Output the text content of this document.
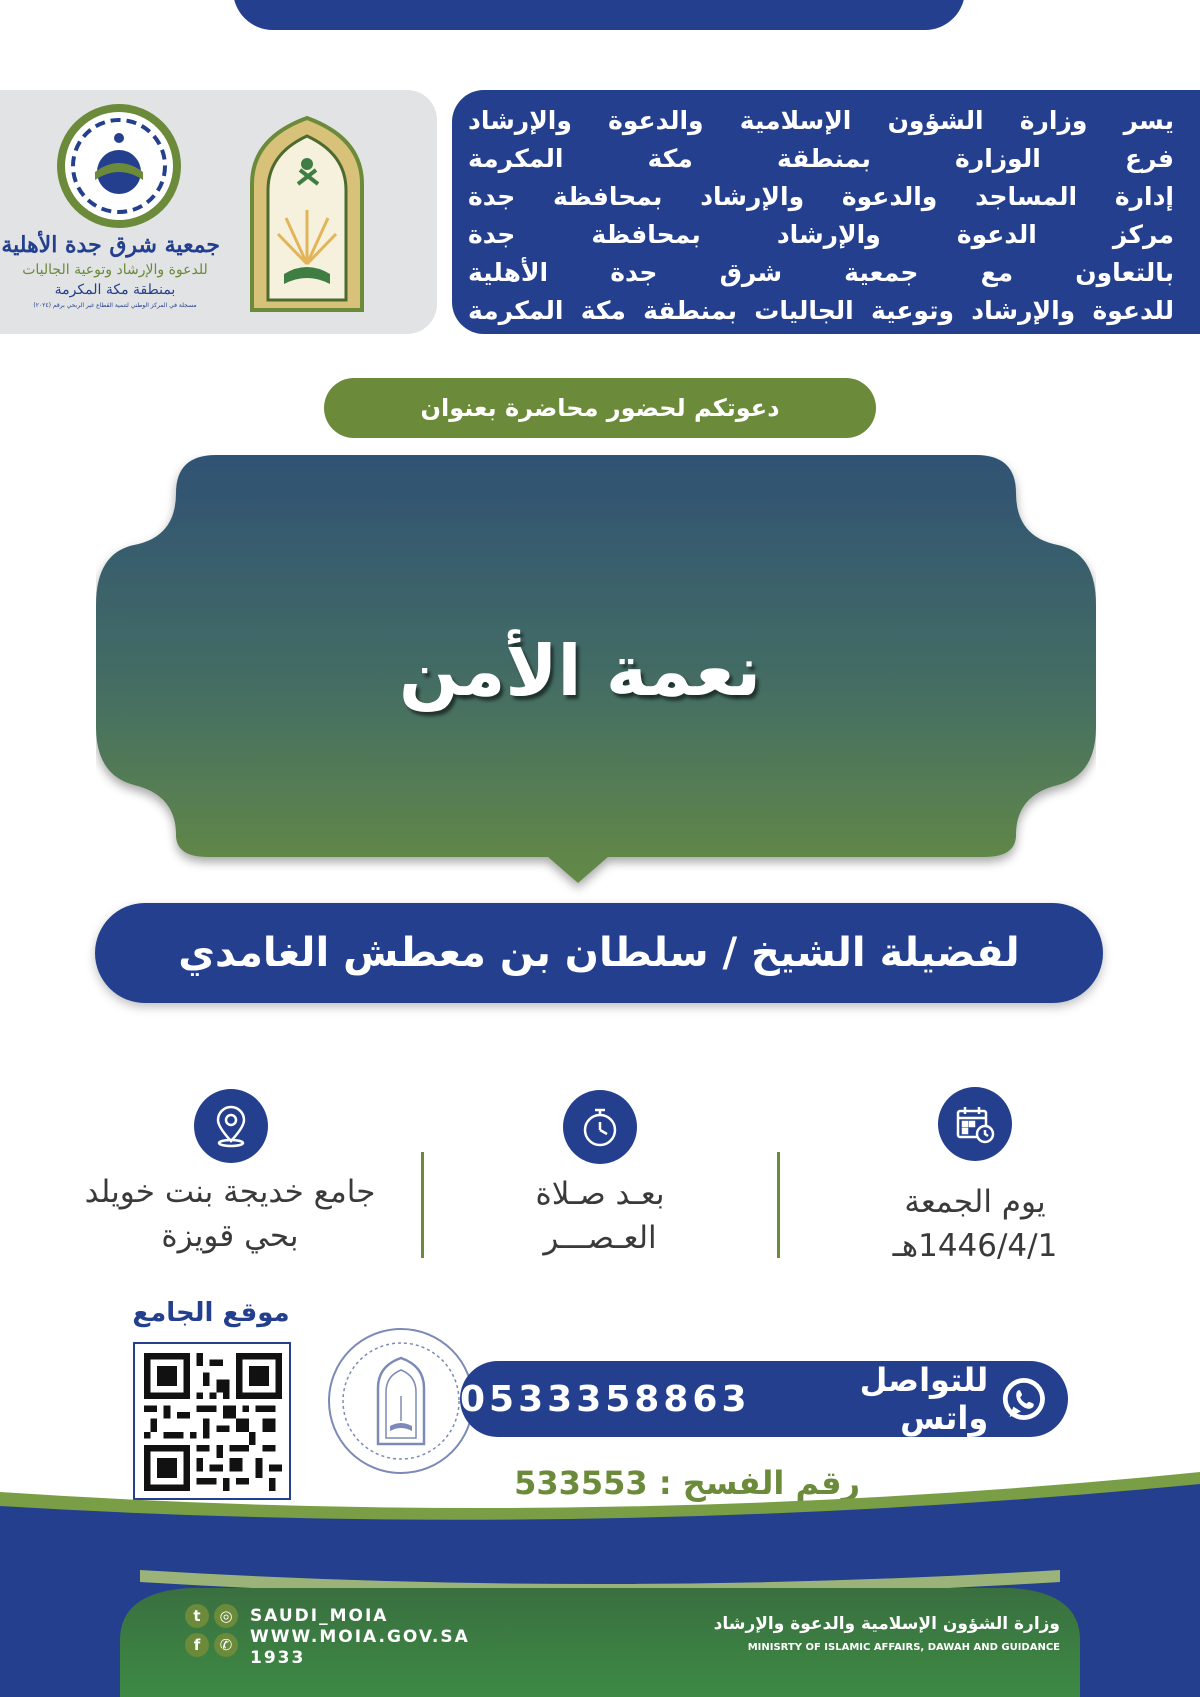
يسر وزارة الشؤون الإسلامية والدعوة والإرشاد
فرع الوزارة بمنطقة مكة المكرمة
إدارة المساجد والدعوة والإرشاد بمحافظة جدة
مركز الدعوة والإرشاد بمحافظة جدة
بالتعاون مع جمعية شرق جدة الأهلية
للدعوة والإرشاد وتوعية الجاليات بمنطقة مكة المكرمة
جمعية شرق جدة الأهلية
للدعوة والإرشاد وتوعية الجاليات
بمنطقة مكة المكرمة
مسجلة في المركز الوطني لتنمية القطاع غير الربحي برقم (٢٠٢٤)
دعوتكم لحضور محاضرة بعنوان
نعمة الأمن
لفضيلة الشيخ / سلطان بن معطش الغامدي
يوم الجمعة
1446/4/1هـ
بعـد صـلاة
العـصـــر
جامع خديجة بنت خويلد
بحي قويزة
موقع الجامع
للتواصل واتس
0533358863
رقم الفسح : 533553
t	◎
f	✆
SAUDI_MOIA
WWW.MOIA.GOV.SA
1933
وزارة الشؤون الإسلامية والدعوة والإرشاد
MINISRTY OF ISLAMIC AFFAIRS, DAWAH AND GUIDANCE
